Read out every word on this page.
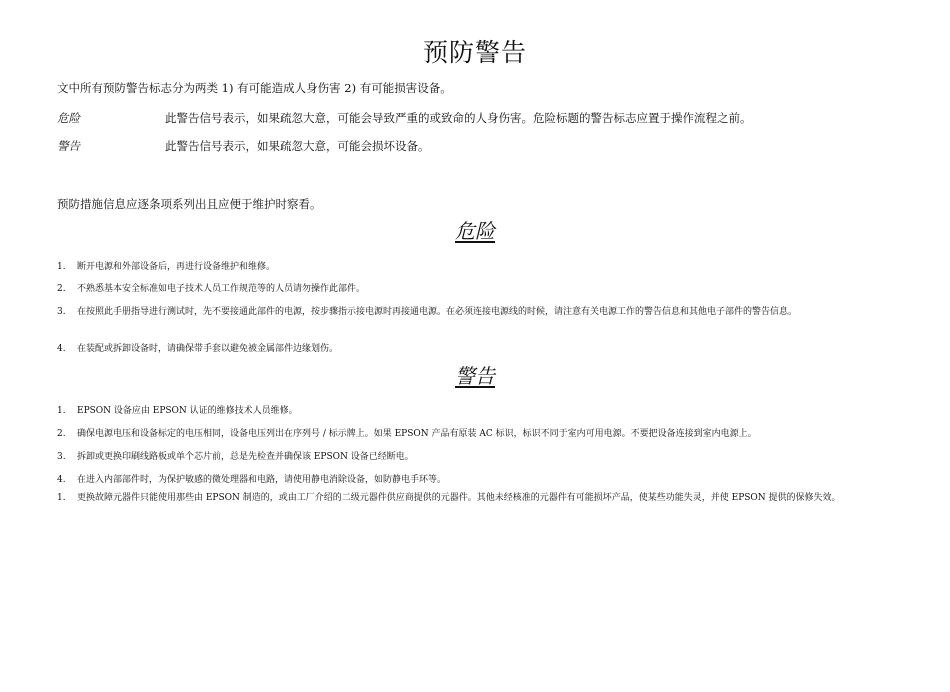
预防警告

文中所有预防警告标志分为两类 1) 有可能造成人身伤害 2) 有可能损害设备。

危险	此警告信号表示，如果疏忽大意，可能会导致严重的或致命的人身伤害。危险标题的警告标志应置于操作流程之前。
警告	此警告信号表示，如果疏忽大意，可能会损坏设备。

预防措施信息应逐条项系列出且应便于维护时察看。

危险
1.	断开电源和外部设备后，再进行设备维护和维修。
2.	不熟悉基本安全标准如电子技术人员工作规范等的人员请勿操作此部件。
3.	在按照此手册指导进行测试时，先不要接通此部件的电源，按步骤指示接电源时再接通电源。在必须连接电源线的时候，请注意有关电源工作的警告信息和其他电子部件的警告信息。
4.	在装配或拆卸设备时，请确保带手套以避免被金属部件边缘划伤。
警告
1.	EPSON 设备应由 EPSON 认证的维修技术人员维修。
2.	确保电源电压和设备标定的电压相同，设备电压列出在序列号 / 标示牌上。如果 EPSON 产品有原装 AC 标识，标识不同于室内可用电源。不要把设备连接到室内电源上。
3.	拆卸或更换印刷线路板或单个芯片前，总是先检查并确保该 EPSON 设备已经断电。
4.	在进入内部部件时，为保护敏感的微处理器和电路，请使用静电消除设备，如防静电手环等。
1.	更换故障元器件只能使用那些由 EPSON 制造的，或由工厂介绍的二级元器件供应商提供的元器件。其他未经核准的元器件有可能损坏产品，使某些功能失灵，并使 EPSON 提供的保修失效。
